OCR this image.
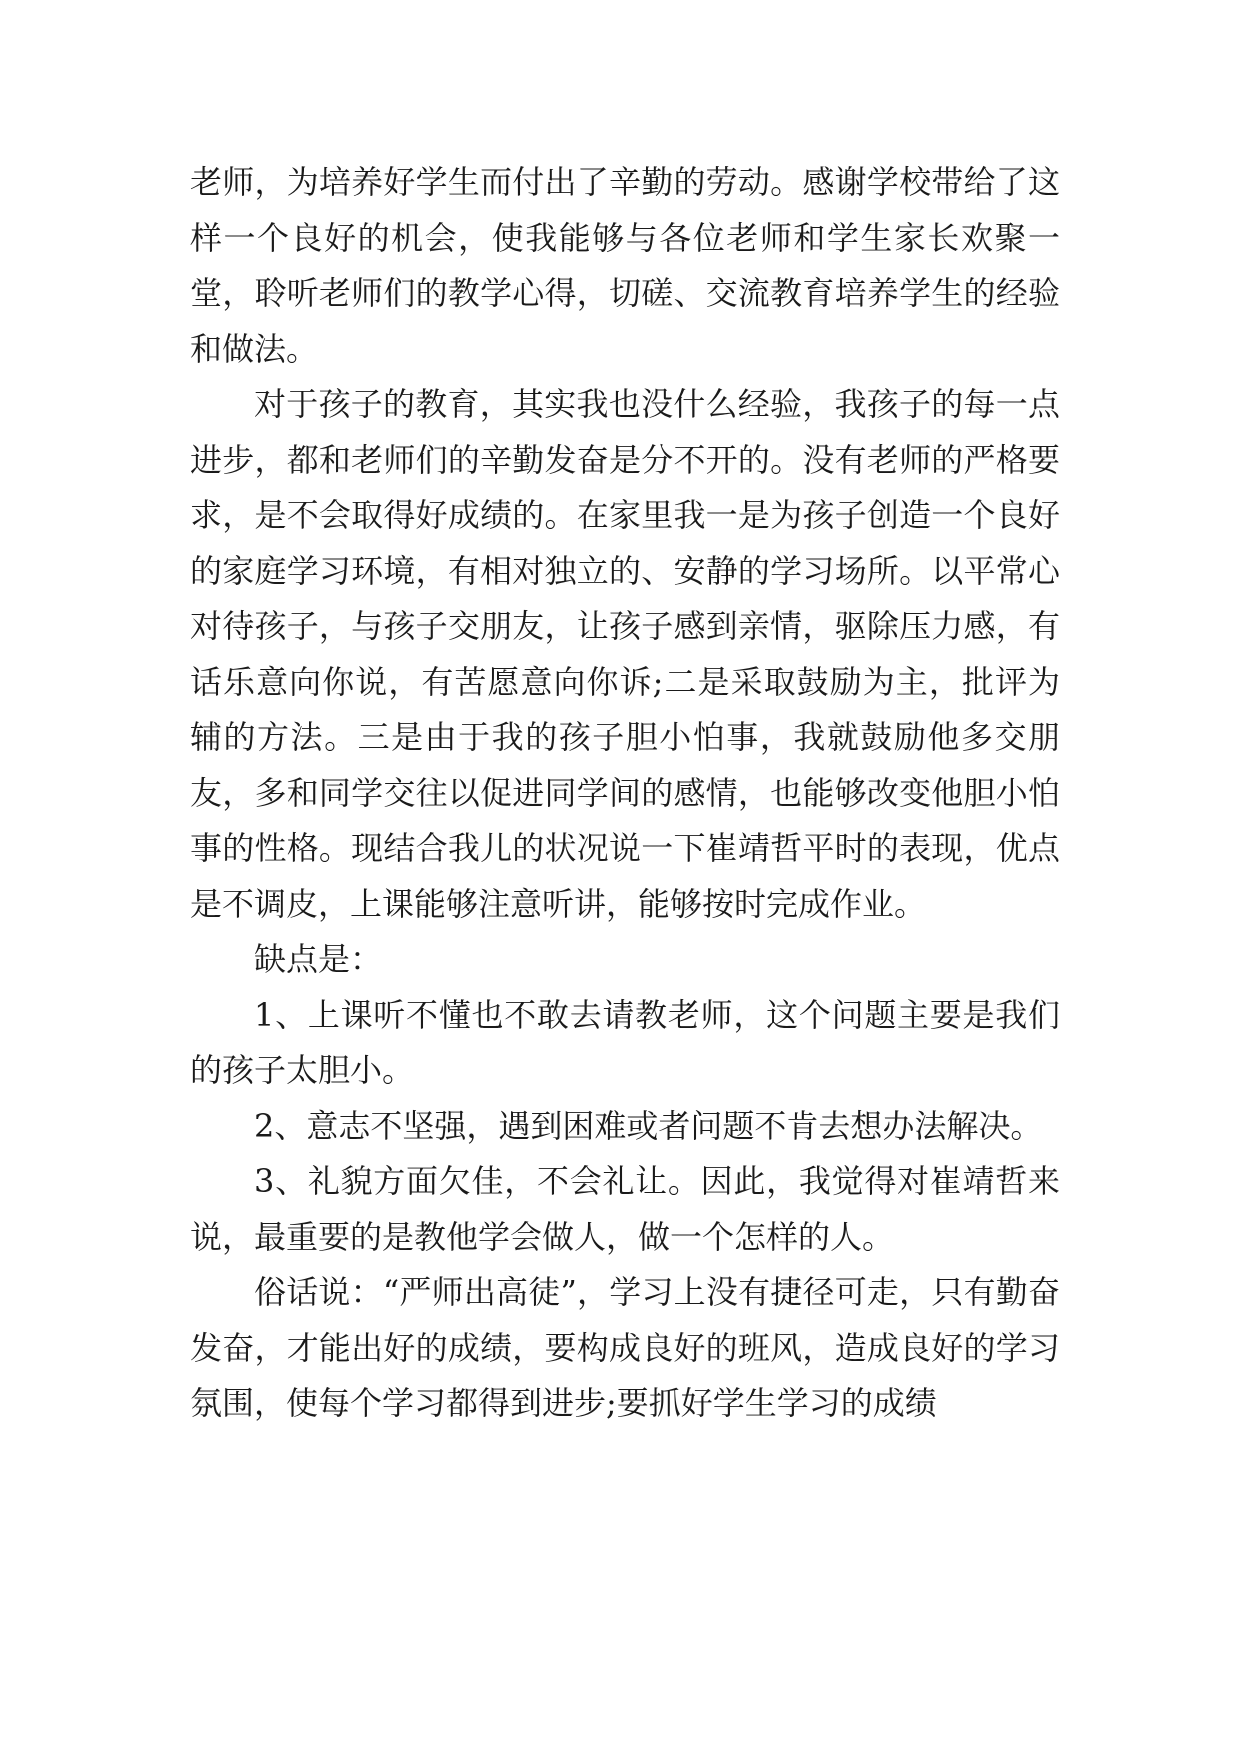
老师，为培养好学生而付出了辛勤的劳动。感谢学校带给了这样一个良好的机会，使我能够与各位老师和学生家长欢聚一堂，聆听老师们的教学心得，切磋、交流教育培养学生的经验和做法。

对于孩子的教育，其实我也没什么经验，我孩子的每一点进步，都和老师们的辛勤发奋是分不开的。没有老师的严格要求，是不会取得好成绩的。在家里我一是为孩子创造一个良好的家庭学习环境，有相对独立的、安静的学习场所。以平常心对待孩子，与孩子交朋友，让孩子感到亲情，驱除压力感，有话乐意向你说，有苦愿意向你诉;二是采取鼓励为主，批评为辅的方法。三是由于我的孩子胆小怕事，我就鼓励他多交朋友，多和同学交往以促进同学间的感情，也能够改变他胆小怕事的性格。现结合我儿的状况说一下崔靖哲平时的表现，优点是不调皮，上课能够注意听讲，能够按时完成作业。

缺点是：

1、上课听不懂也不敢去请教老师，这个问题主要是我们的孩子太胆小。

2、意志不坚强，遇到困难或者问题不肯去想办法解决。

3、礼貌方面欠佳，不会礼让。因此，我觉得对崔靖哲来说，最重要的是教他学会做人，做一个怎样的人。

俗话说：“严师出高徒”，学习上没有捷径可走，只有勤奋发奋，才能出好的成绩，要构成良好的班风，造成良好的学习氛围，使每个学习都得到进步;要抓好学生学习的成绩
